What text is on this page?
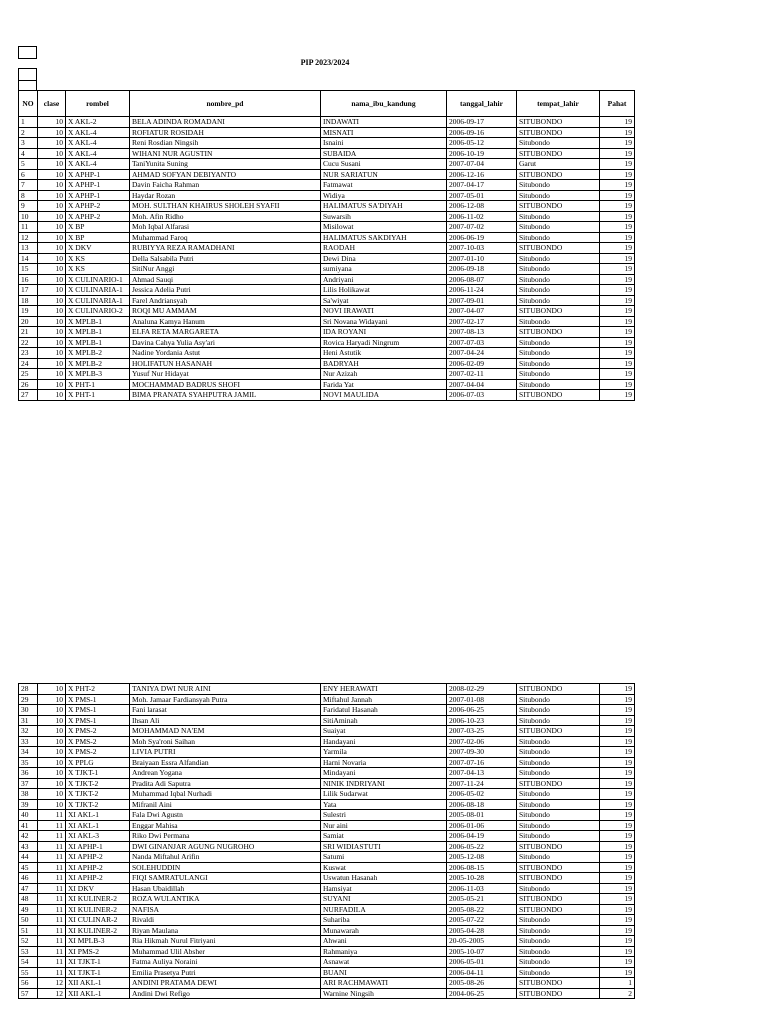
PIP 2023/2024
NO	clase	rombel	nombre_pd	nama_ibu_kandung	tanggal_lahir	tempat_lahir	Pahat
1	10	X AKL-2	BELA ADINDA ROMADANI	INDAWATI	2006-09-17	SITUBONDO	19
2	10	X AKL-4	ROFIATUR ROSIDAH	MISNATI	2006-09-16	SITUBONDO	19
3	10	X AKL-4	Reni Rosdian Ningsih	Isnaini	2006-05-12	Situbondo	19
4	10	X AKL-4	WIHANI NUR AGUSTIN	SUBAIDA	2006-10-19	SITUBONDO	19
5	10	X AKL-4	TaniYunita Suning	Cucu Susani	2007-07-04	Garut	19
6	10	X APHP-1	AHMAD SOFYAN DEBIYANTO	NUR SARIATUN	2006-12-16	SITUBONDO	19
7	10	X APHP-1	Davin Faicha Rahman	Fatmawat	2007-04-17	Situbondo	19
8	10	X APHP-1	Haydar Rozan	Widiya	2007-05-01	Situbondo	19
9	10	X APHP-2	MOH. SULTHAN KHAIRUS SHOLEH SYAFII	HALIMATUS SA'DIYAH	2006-12-08	SITUBONDO	19
10	10	X APHP-2	Moh. Afin Ridho	Suwarsih	2006-11-02	Situbondo	19
11	10	X BP	Moh Iqbal Alfarasi	Misilowat	2007-07-02	Situbondo	19
12	10	X BP	Muhammad Faroq	HALIMATUS SAKDIYAH	2006-06-19	Situbondo	19
13	10	X DKV	RUBIYYA REZA RAMADHANI	RAODAH	2007-10-03	SITUBONDO	19
14	10	X KS	Della Salsabila Putri	Dewi Dina	2007-01-10	Situbondo	19
15	10	X KS	SitiNur Anggi	sumiyana	2006-09-18	Situbondo	19
16	10	X CULINARIO-1	Ahmad Sauqi	Andriyani	2006-08-07	Situbondo	19
17	10	X CULINARIA-1	Jessica Adelia Putri	Lilis Holikawat	2006-11-24	Situbondo	19
18	10	X CULINARIA-1	Farel Andriansyah	Sa'wiyat	2007-09-01	Situbondo	19
19	10	X CULINARIO-2	ROQI MU AMMAM	NOVI IRAWATI	2007-04-07	SITUBONDO	19
20	10	X MPLB-1	Analuna Kamya Hanum	Sri Novana Widayani	2007-02-17	Situbondo	19
21	10	X MPLB-1	ELFA RETA MARGARETA	IDA ROYANI	2007-08-13	SITUBONDO	19
22	10	X MPLB-1	Davina Cahya Yulia Asy'ari	Rovica Haryadi Ningrum	2007-07-03	Situbondo	19
23	10	X MPLB-2	Nadine Yordania Astut	Heni Astutik	2007-04-24	Situbondo	19
24	10	X MPLB-2	HOLIFATUN HASANAH	BADRYAH	2006-02-09	Situbondo	19
25	10	X MPLB-3	Yusuf Nur Hidayat	Nur Azizah	2007-02-11	Situbondo	19
26	10	X PHT-1	MOCHAMMAD BADRUS SHOFI	Farida Yat	2007-04-04	Situbondo	19
27	10	X PHT-1	BIMA PRANATA SYAHPUTRA JAMIL	NOVI MAULIDA	2006-07-03	SITUBONDO	19
28	10	X PHT-2	TANIYA DWI NUR AINI	ENY HERAWATI	2008-02-29	SITUBONDO	19
29	10	X PMS-1	Moh. Jamaar Fardiansyah Putra	Miftahul Jannah	2007-01-08	Situbondo	19
30	10	X PMS-1	Fani larasat	Faridatul Hasanah	2006-06-25	Situbondo	19
31	10	X PMS-1	Ihsan Ali	SitiAminah	2006-10-23	Situbondo	19
32	10	X PMS-2	MOHAMMAD NA'EM	Suaiyat	2007-03-25	SITUBONDO	19
33	10	X PMS-2	Moh Sya'roni Saihan	Handayani	2007-02-06	Situbondo	19
34	10	X PMS-2	LIVIA PUTRI	Yarmila	2007-09-30	Situbondo	19
35	10	X PPLG	Braiyaan Essra Alfandian	Harni Novaria	2007-07-16	Situbondo	19
36	10	X TJKT-1	Andrean Yogana	Mindayani	2007-04-13	Situbondo	19
37	10	X TJKT-2	Pradita Adi Saputra	NINIK INDRIYANI	2007-11-24	SITUBONDO	19
38	10	X TJKT-2	Muhammad Iqbal Nurhadi	Lilik Sudarwat	2006-05-02	Situbondo	19
39	10	X TJKT-2	Mifranil Aini	Yata	2006-08-18	Situbondo	19
40	11	XI AKL-1	Fala Dwi Agustn	Sulestri	2005-08-01	Situbondo	19
41	11	XI AKL-1	Enggar Mahisa	Nur aini	2006-01-06	Situbondo	19
42	11	XI AKL-3	Riko Dwi Permana	Samiat	2006-04-19	Situbondo	19
43	11	XI APHP-1	DWI GINANJAR AGUNG NUGROHO	SRI WIDIASTUTI	2006-05-22	SITUBONDO	19
44	11	XI APHP-2	Nanda Miftahul Arifin	Satumi	2005-12-08	Situbondo	19
45	11	XI APHP-2	SOLEHUDDIN	Kuswat	2006-08-15	SITUBONDO	19
46	11	XI APHP-2	FIQI SAMRATULANGI	Uswatun Hasanah	2005-10-28	SITUBONDO	19
47	11	XI DKV	Hasan Ubaidillah	Hamsiyat	2006-11-03	Situbondo	19
48	11	XI KULINER-2	ROZA WULANTIKA	SUYANI	2005-05-21	SITUBONDO	19
49	11	XI KULINER-2	NAFISA	NURFADILA	2005-08-22	SITUBONDO	19
50	11	XI CULINAR-2	Rivaldi	Suhariba	2005-07-22	Situbondo	19
51	11	XI KULINER-2	Riyan Maulana	Munawarah	2005-04-28	Situbondo	19
52	11	XI MPLB-3	Ria Hikmah Nurul Fitriyani	Ahwani	20-05-2005	Situbondo	19
53	11	XI PMS-2	Muhammad Ulil Absher	Rahmaniya	2005-10-07	Situbondo	19
54	11	XI TJKT-1	Fatma Auliya Noraini	Asnawat	2006-05-01	Situbondo	19
55	11	XI TJKT-1	Emilia Prasetya Putri	BUANI	2006-04-11	Situbondo	19
56	12	XII AKL-1	ANDINI PRATAMA DEWI	ARI RACHMAWATI	2005-08-26	SITUBONDO	1
57	12	XII AKL-1	Andini Dwi Refigo	Warnine Ningsih	2004-06-25	SITUBONDO	2
